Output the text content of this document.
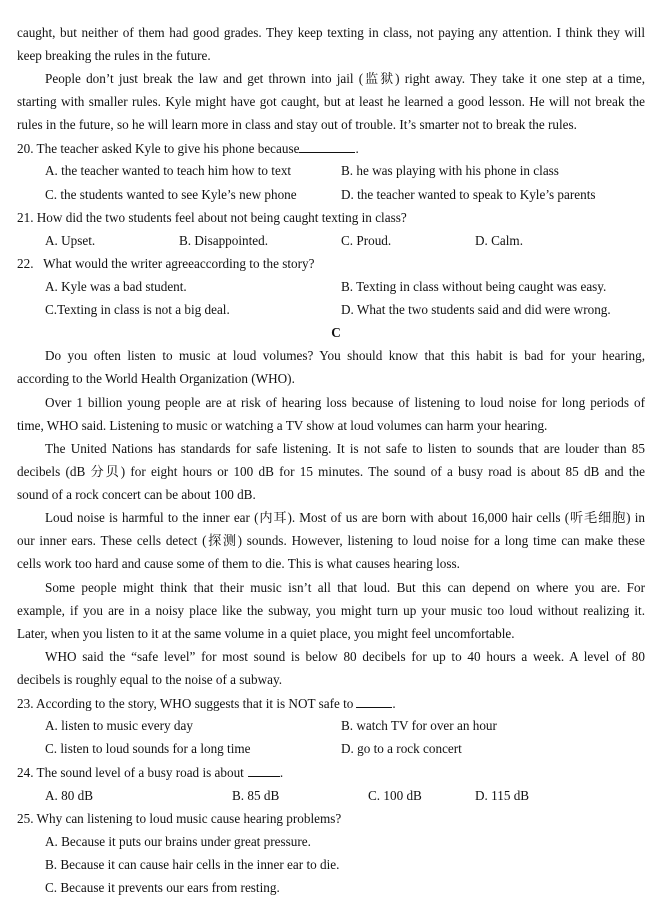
caught, but neither of them had good grades. They keep texting in class, not paying any attention. I think they will
keep breaking the rules in the future.
People don’t just break the law and get thrown into jail (监狱) right away. They take it one step at a time,
starting with smaller rules. Kyle might have got caught, but at least he learned a good lesson. He will not break the
rules in the future, so he will learn more in class and stay out of trouble. It’s smarter not to break the rules.
20. The teacher asked Kyle to give his phone because	.
A. the teacher wanted to teach him how to text	B. he was playing with his phone in class
C. the students wanted to see Kyle’s new phone	D. the teacher wanted to speak to Kyle’s parents
21. How did the two students feel about not being caught texting in class?
A. Upset.	B. Disappointed.	C. Proud.	D. Calm.
22.   What would the writer agreeaccording to the story?
A. Kyle was a bad student.	B. Texting in class without being caught was easy.
C.Texting in class is not a big deal.	D. What the two students said and did were wrong.
C
Do you often listen to music at loud volumes? You should know that this habit is bad for your hearing,
according to the World Health Organization (WHO).
Over 1 billion young people are at risk of hearing loss because of listening to loud noise for long periods of
time, WHO said. Listening to music or watching a TV show at loud volumes can harm your hearing.
The United Nations has standards for safe listening. It is not safe to listen to sounds that are louder than 85
decibels (dB 分贝) for eight hours or 100 dB for 15 minutes. The sound of a busy road is about 85 dB and the
sound of a rock concert can be about 100 dB.
Loud noise is harmful to the inner ear (内耳). Most of us are born with about 16,000 hair cells (听毛细胞) in
our inner ears. These cells detect (探测) sounds. However, listening to loud noise for a long time can make these
cells work too hard and cause some of them to die. This is what causes hearing loss.
Some people might think that their music isn’t all that loud. But this can depend on where you are. For
example, if you are in a noisy place like the subway, you might turn up your music too loud without realizing it.
Later, when you listen to it at the same volume in a quiet place, you might feel uncomfortable.
WHO said the “safe level” for most sound is below 80 decibels for up to 40 hours a week. A level of 80
decibels is roughly equal to the noise of a subway.
23. According to the story, WHO suggests that it is NOT safe to	.
A. listen to music every day	B. watch TV for over an hour
C. listen to loud sounds for a long time	D. go to a rock concert
24. The sound level of a busy road is about	.
A. 80 dB	B. 85 dB	C. 100 dB	D. 115 dB
25. Why can listening to loud music cause hearing problems?
A. Because it puts our brains under great pressure.
B. Because it can cause hair cells in the inner ear to die.
C. Because it prevents our ears from resting.
